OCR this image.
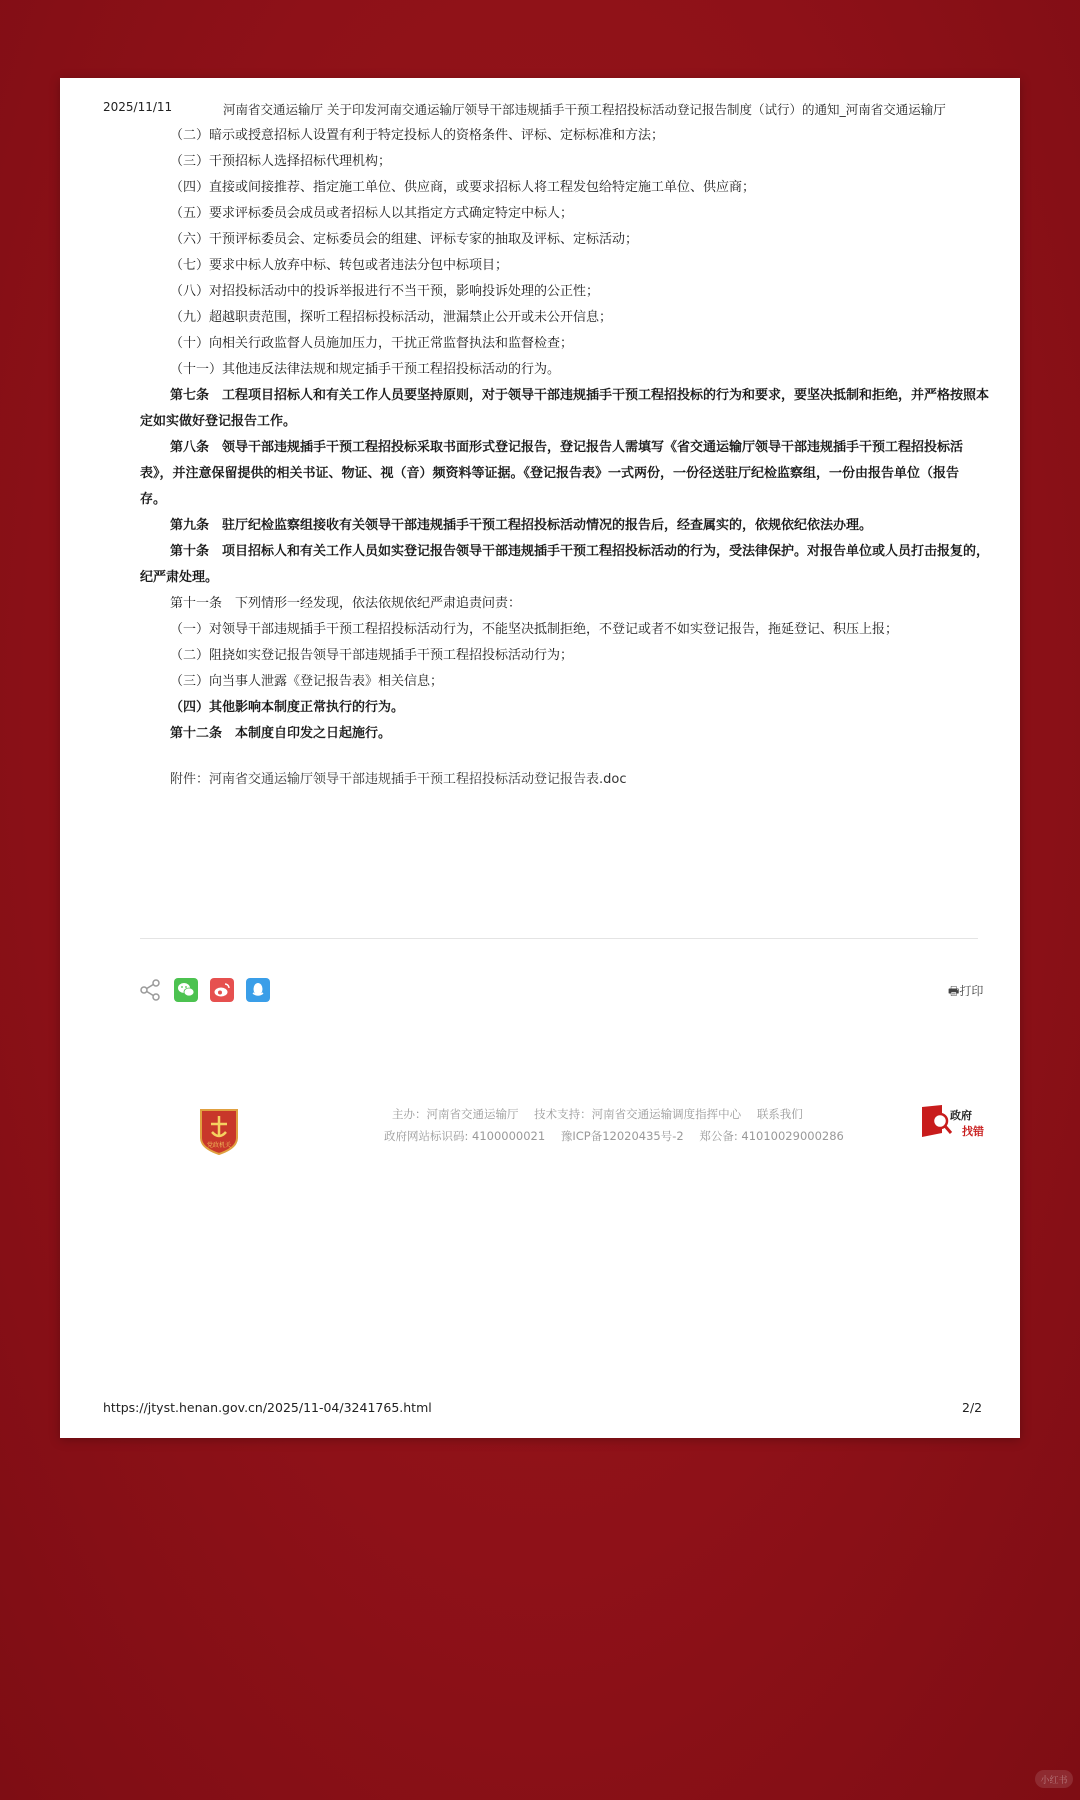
2025/11/11	河南省交通运输厅 关于印发河南交通运输厅领导干部违规插手干预工程招投标活动登记报告制度（试行）的通知_河南省交通运输厅
（二）暗示或授意招标人设置有利于特定投标人的资格条件、评标、定标标准和方法；
（三）干预招标人选择招标代理机构；
（四）直接或间接推荐、指定施工单位、供应商，或要求招标人将工程发包给特定施工单位、供应商；
（五）要求评标委员会成员或者招标人以其指定方式确定特定中标人；
（六）干预评标委员会、定标委员会的组建、评标专家的抽取及评标、定标活动；
（七）要求中标人放弃中标、转包或者违法分包中标项目；
（八）对招投标活动中的投诉举报进行不当干预，影响投诉处理的公正性；
（九）超越职责范围，探听工程招标投标活动，泄漏禁止公开或未公开信息；
（十）向相关行政监督人员施加压力，干扰正常监督执法和监督检查；
（十一）其他违反法律法规和规定插手干预工程招投标活动的行为。
第七条　工程项目招标人和有关工作人员要坚持原则，对于领导干部违规插手干预工程招投标的行为和要求，要坚决抵制和拒绝，并严格按照本
定如实做好登记报告工作。
第八条　领导干部违规插手干预工程招投标采取书面形式登记报告，登记报告人需填写《省交通运输厅领导干部违规插手干预工程招投标活
表》，并注意保留提供的相关书证、物证、视（音）频资料等证据。《登记报告表》一式两份，一份径送驻厅纪检监察组，一份由报告单位（报告
存。
第九条　驻厅纪检监察组接收有关领导干部违规插手干预工程招投标活动情况的报告后，经查属实的，依规依纪依法办理。
第十条　项目招标人和有关工作人员如实登记报告领导干部违规插手干预工程招投标活动的行为，受法律保护。对报告单位或人员打击报复的，
纪严肃处理。
第十一条　下列情形一经发现，依法依规依纪严肃追责问责：
（一）对领导干部违规插手干预工程招投标活动行为，不能坚决抵制拒绝，不登记或者不如实登记报告，拖延登记、积压上报；
（二）阻挠如实登记报告领导干部违规插手干预工程招投标活动行为；
（三）向当事人泄露《登记报告表》相关信息；
（四）其他影响本制度正常执行的行为。
第十二条　本制度自印发之日起施行。
附件：河南省交通运输厅领导干部违规插手干预工程招投标活动登记报告表.doc
🖶打印
党政机关
主办：河南省交通运输厅 技术支持：河南省交通运输调度指挥中心 联系我们
政府网站标识码: 4100000021 豫ICP备12020435号-2 郑公备: 41010029000286
政府
找错
https://jtyst.henan.gov.cn/2025/11-04/3241765.html	2/2
小红书
